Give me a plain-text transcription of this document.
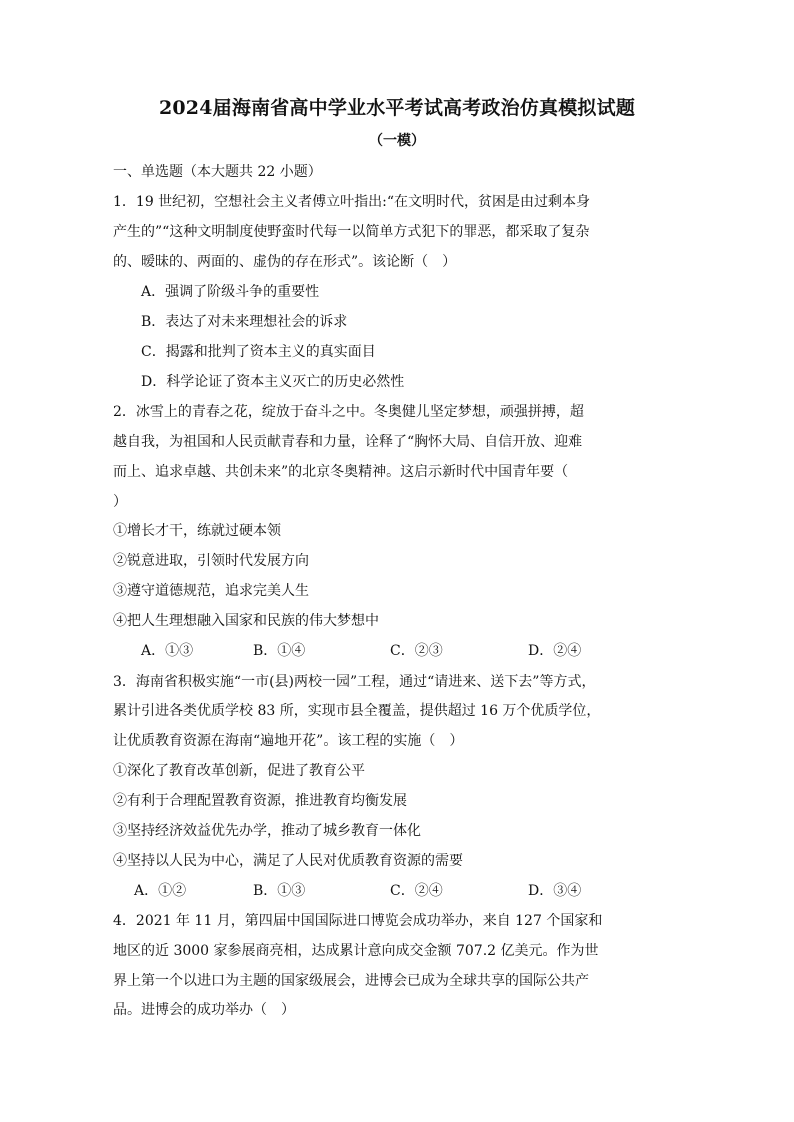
2024届海南省高中学业水平考试高考政治仿真模拟试题
（一模）
一、单选题（本大题共 22 小题）
1．19 世纪初，空想社会主义者傅立叶指出:“在文明时代，贫困是由过剩本身
产生的”“这种文明制度使野蛮时代每一以简单方式犯下的罪恶，都采取了复杂
的、暧昧的、两面的、虚伪的存在形式”。该论断（　）
A．强调了阶级斗争的重要性
B．表达了对未来理想社会的诉求
C．揭露和批判了资本主义的真实面目
D．科学论证了资本主义灭亡的历史必然性
2．冰雪上的青春之花，绽放于奋斗之中。冬奥健儿坚定梦想，顽强拼搏，超
越自我，为祖国和人民贡献青春和力量，诠释了“胸怀大局、自信开放、迎难
而上、追求卓越、共创未来”的北京冬奥精神。这启示新时代中国青年要（
）
①增长才干，练就过硬本领
②锐意进取，引领时代发展方向
③遵守道德规范，追求完美人生
④把人生理想融入国家和民族的伟大梦想中
A．①③	B．①④	C．②③	D．②④
3．海南省积极实施“一市(县)两校一园”工程，通过“请进来、送下去”等方式，
累计引进各类优质学校 83 所，实现市县全覆盖，提供超过 16 万个优质学位，
让优质教育资源在海南“遍地开花”。该工程的实施（　）
①深化了教育改革创新，促进了教育公平
②有利于合理配置教育资源，推进教育均衡发展
③坚持经济效益优先办学，推动了城乡教育一体化
④坚持以人民为中心，满足了人民对优质教育资源的需要
A．①②	B．①③	C．②④	D．③④
4．2021 年 11 月，第四届中国国际进口博览会成功举办，来自 127 个国家和
地区的近 3000 家参展商亮相，达成累计意向成交金额 707.2 亿美元。作为世
界上第一个以进口为主题的国家级展会，进博会已成为全球共享的国际公共产
品。进博会的成功举办（　）
